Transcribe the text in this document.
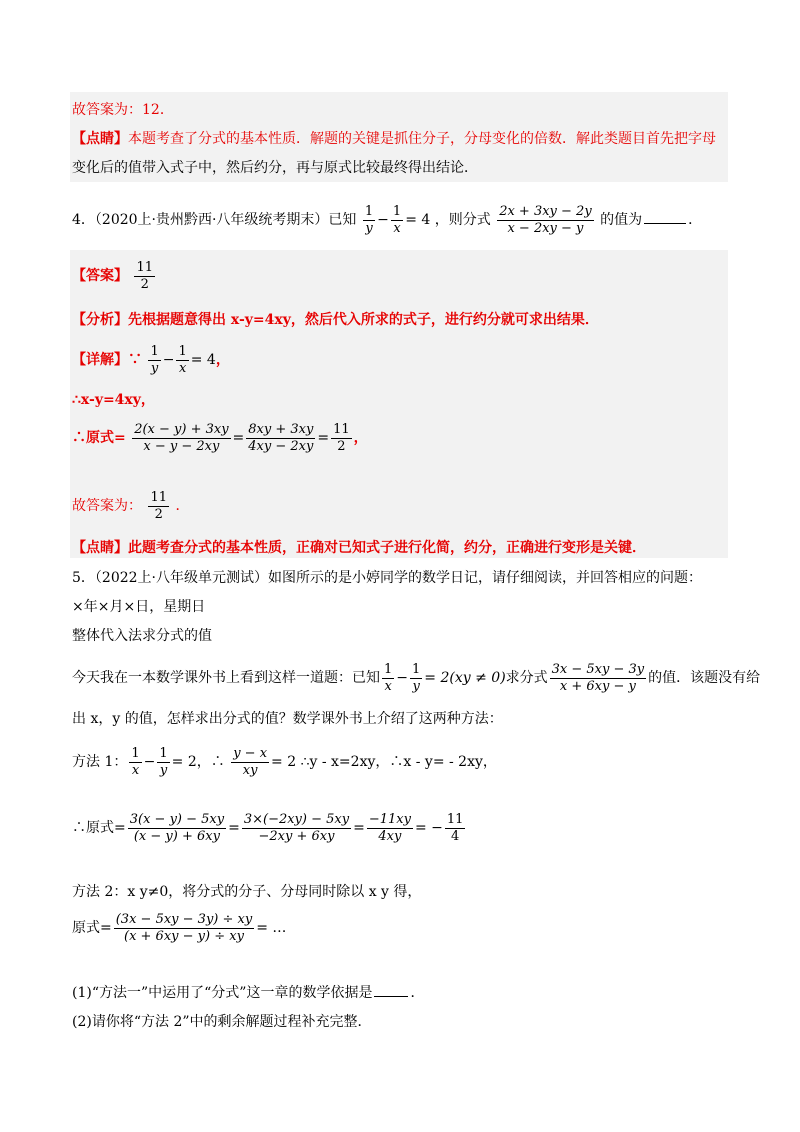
故答案为：12．
【点睛】本题考查了分式的基本性质．解题的关键是抓住分子，分母变化的倍数．解此类题目首先把字母
变化后的值带入式子中，然后约分，再与原式比较最终得出结论．
4．（2020上·贵州黔西·八年级统考期末）已知 $\frac{1}{y} - \frac{1}{x} = 4$ ，则分式 $\frac{2x + 3xy - 2y}{x - 2xy - y}$ 的值为	．
【答案】 $\frac{11}{2}$
【分析】先根据题意得出 x-y=4xy，然后代入所求的式子，进行约分就可求出结果．
【详解】∵ $\frac{1}{y} - \frac{1}{x} = 4$，
∴x-y=4xy，
∴原式= $\frac{2(x - y) + 3xy}{x - y - 2xy} = \frac{8xy + 3xy}{4xy - 2xy} = \frac{11}{2}$ ，
故答案为： $\frac{11}{2}$ ．
【点睛】此题考查分式的基本性质，正确对已知式子进行化简，约分，正确进行变形是关键．
5．（2022上·八年级单元测试）如图所示的是小婷同学的数学日记，请仔细阅读，并回答相应的问题：
×年×月×日，星期日
整体代入法求分式的值
今天我在一本数学课外书上看到这样一道题：已知 $\frac{1}{x} - \frac{1}{y} = 2(xy \ne 0)$求分式 $\frac{3x - 5xy - 3y}{x + 6xy - y}$ 的值．该题没有给
出 x，y 的值，怎样求出分式的值？数学课外书上介绍了这两种方法：
方法 1： $\frac{1}{x} - \frac{1}{y} = 2$，∴ $\frac{y - x}{xy} = 2$ ∴y - x=2xy，∴x - y= - 2xy，
∴原式= $\frac{3(x - y) - 5xy}{(x - y) + 6xy} = \frac{3\times(-2xy) - 5xy}{-2xy + 6xy} = \frac{-11xy}{4xy}$ = − $\frac{11}{4}$
方法 2：x y≠0，将分式的分子、分母同时除以 x y 得，
原式= $\frac{(3x - 5xy - 3y) \div xy}{(x + 6xy - y) \div xy}$ = …
(1)“方法一”中运用了“分式”这一章的数学依据是	．
(2)请你将“方法 2”中的剩余解题过程补充完整．
